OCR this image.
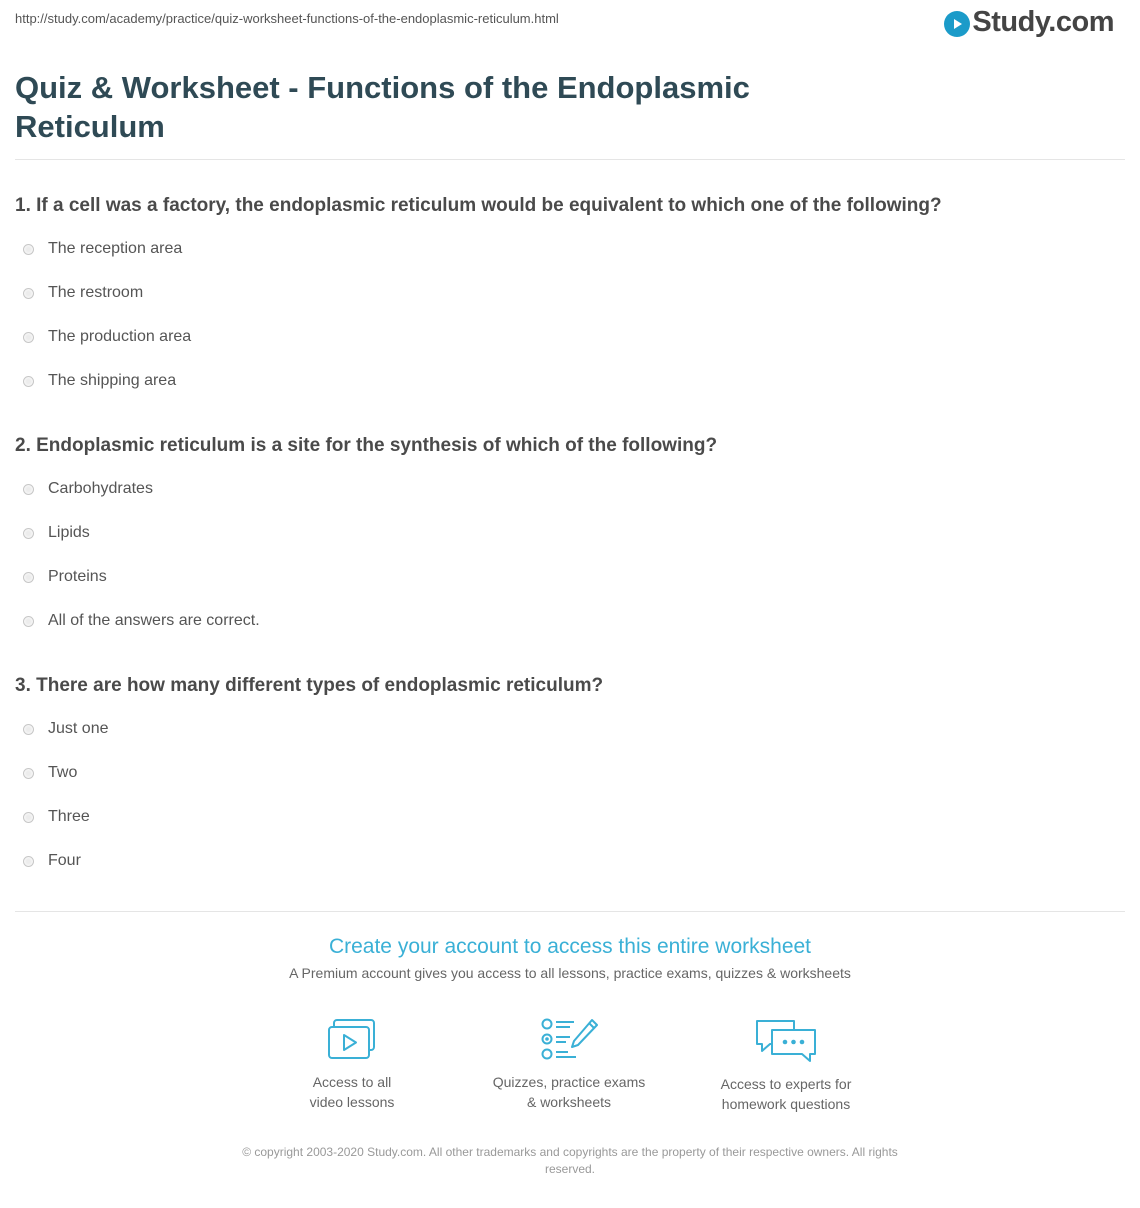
http://study.com/academy/practice/quiz-worksheet-functions-of-the-endoplasmic-reticulum.html	Study.com
Quiz & Worksheet - Functions of the Endoplasmic Reticulum
1. If a cell was a factory, the endoplasmic reticulum would be equivalent to which one of the following?
The reception area
The restroom
The production area
The shipping area
2. Endoplasmic reticulum is a site for the synthesis of which of the following?
Carbohydrates
Lipids
Proteins
All of the answers are correct.
3. There are how many different types of endoplasmic reticulum?
Just one
Two
Three
Four
Create your account to access this entire worksheet
A Premium account gives you access to all lessons, practice exams, quizzes & worksheets
Access to all
video lessons
Quizzes, practice exams
& worksheets
Access to experts for
homework questions
© copyright 2003-2020 Study.com. All other trademarks and copyrights are the property of their respective owners. All rights reserved.
